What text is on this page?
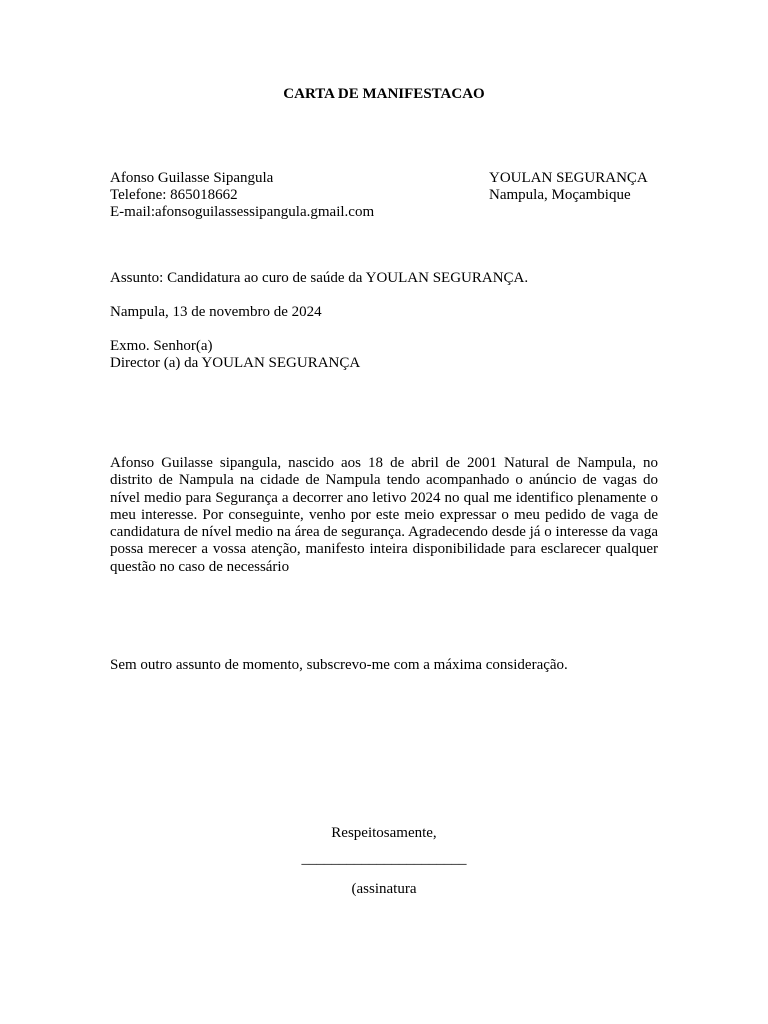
CARTA DE MANIFESTACAO
Afonso Guilasse Sipangula
Telefone: 865018662
E-mail:afonsoguilassessipangula.gmail.com
YOULAN SEGURANÇA
Nampula, Moçambique
Assunto: Candidatura ao curo de saúde da YOULAN SEGURANÇA.
Nampula, 13 de novembro de 2024
Exmo. Senhor(a)
Director (a) da YOULAN SEGURANÇA
Afonso Guilasse sipangula, nascido aos 18 de abril de 2001 Natural de Nampula, no distrito de Nampula na cidade de Nampula tendo acompanhado o anúncio de vagas do nível medio para Segurança a decorrer ano letivo 2024 no qual me identifico plenamente o meu interesse. Por conseguinte, venho por este meio expressar o meu pedido de vaga de candidatura de nível medio na área de segurança. Agradecendo desde já o interesse da vaga possa merecer a vossa atenção, manifesto inteira disponibilidade para esclarecer qualquer questão no caso de necessário
Sem outro assunto de momento, subscrevo-me com a máxima consideração.
Respeitosamente,
______________________
(assinatura
